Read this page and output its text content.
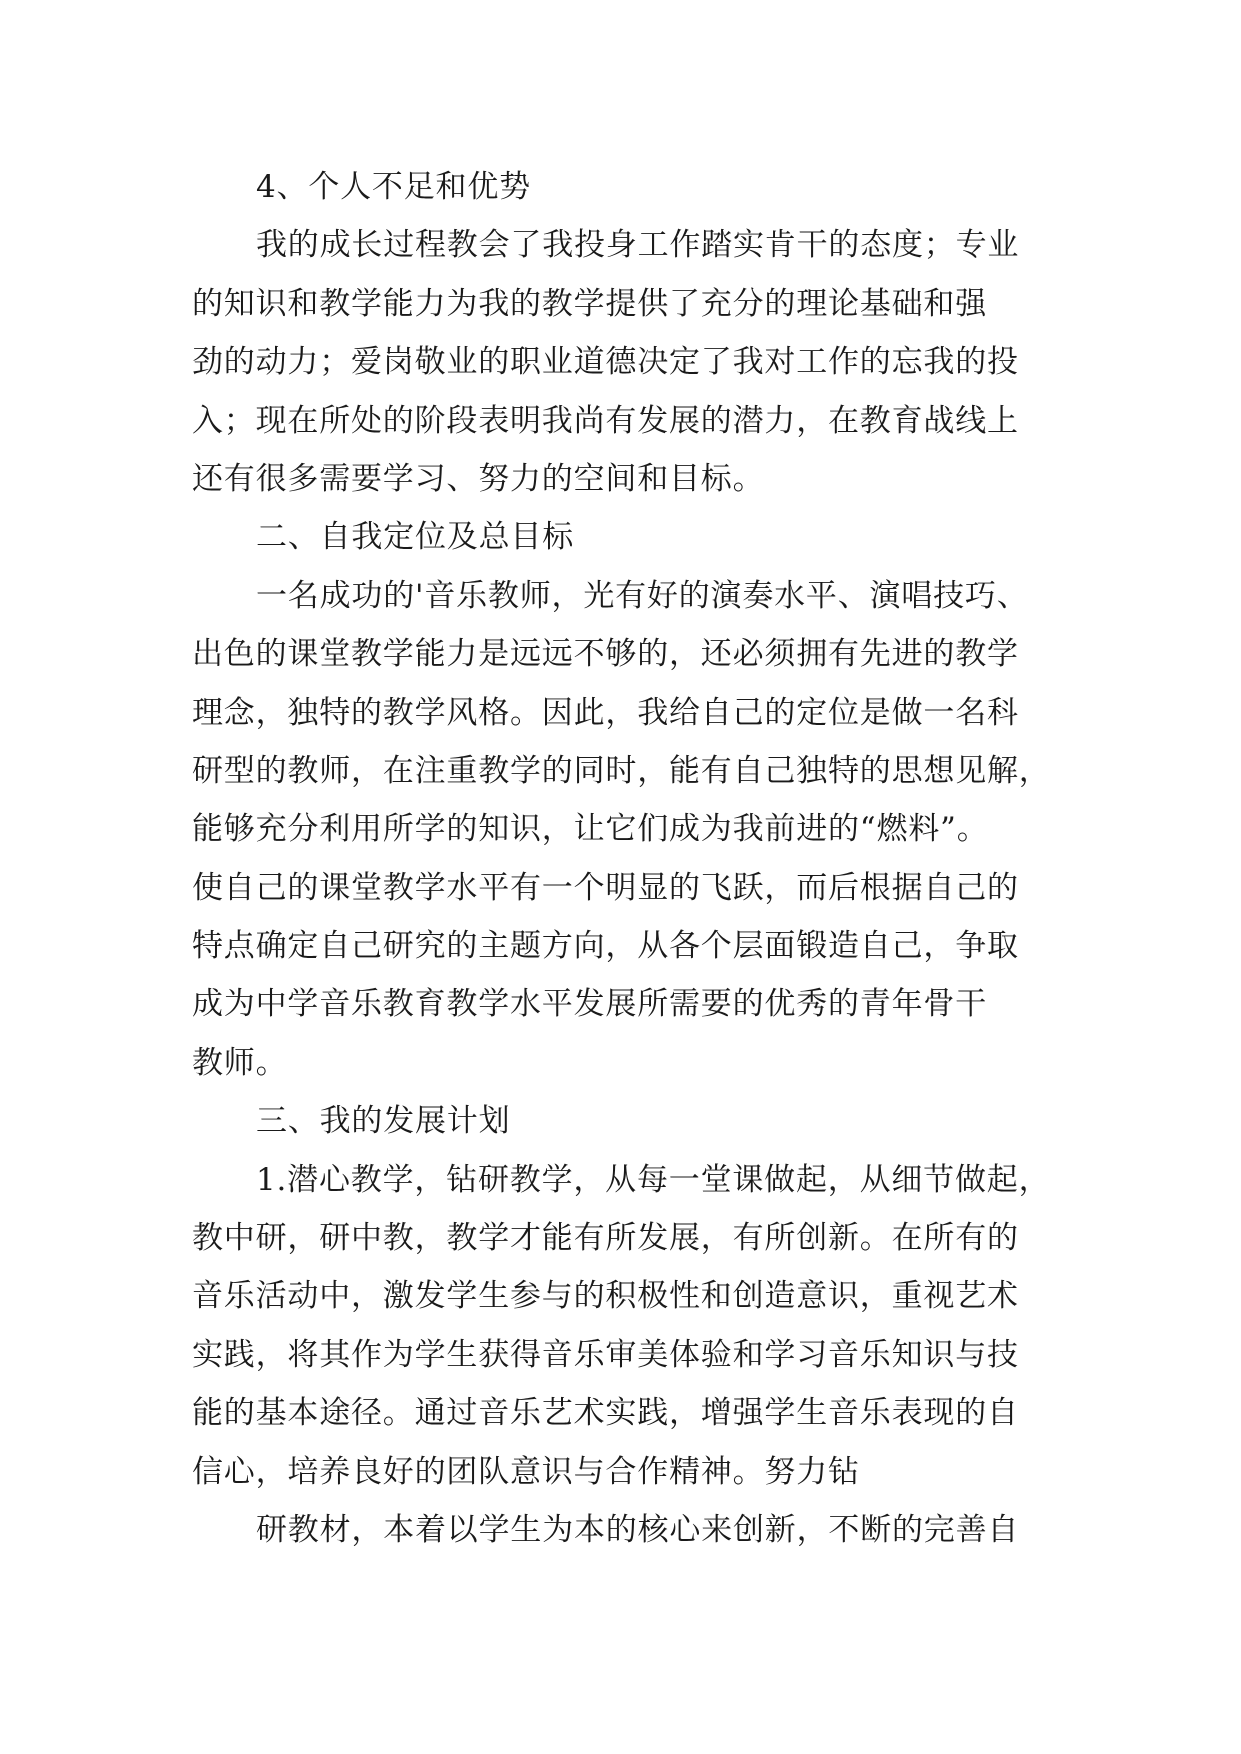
4、个人不足和优势
我的成长过程教会了我投身工作踏实肯干的态度；专业
的知识和教学能力为我的教学提供了充分的理论基础和强
劲的动力；爱岗敬业的职业道德决定了我对工作的忘我的投
入；现在所处的阶段表明我尚有发展的潜力，在教育战线上
还有很多需要学习、努力的空间和目标。
二、自我定位及总目标
一名成功的'音乐教师，光有好的演奏水平、演唱技巧、
出色的课堂教学能力是远远不够的，还必须拥有先进的教学
理念，独特的教学风格。因此，我给自己的定位是做一名科
研型的教师，在注重教学的同时，能有自己独特的思想见解，
能够充分利用所学的知识，让它们成为我前进的“燃料”。
使自己的课堂教学水平有一个明显的飞跃，而后根据自己的
特点确定自己研究的主题方向，从各个层面锻造自己，争取
成为中学音乐教育教学水平发展所需要的优秀的青年骨干
教师。
三、我的发展计划
1.潜心教学，钻研教学，从每一堂课做起，从细节做起，
教中研，研中教，教学才能有所发展，有所创新。在所有的
音乐活动中，激发学生参与的积极性和创造意识，重视艺术
实践，将其作为学生获得音乐审美体验和学习音乐知识与技
能的基本途径。通过音乐艺术实践，增强学生音乐表现的自
信心，培养良好的团队意识与合作精神。努力钻
研教材，本着以学生为本的核心来创新，不断的完善自
